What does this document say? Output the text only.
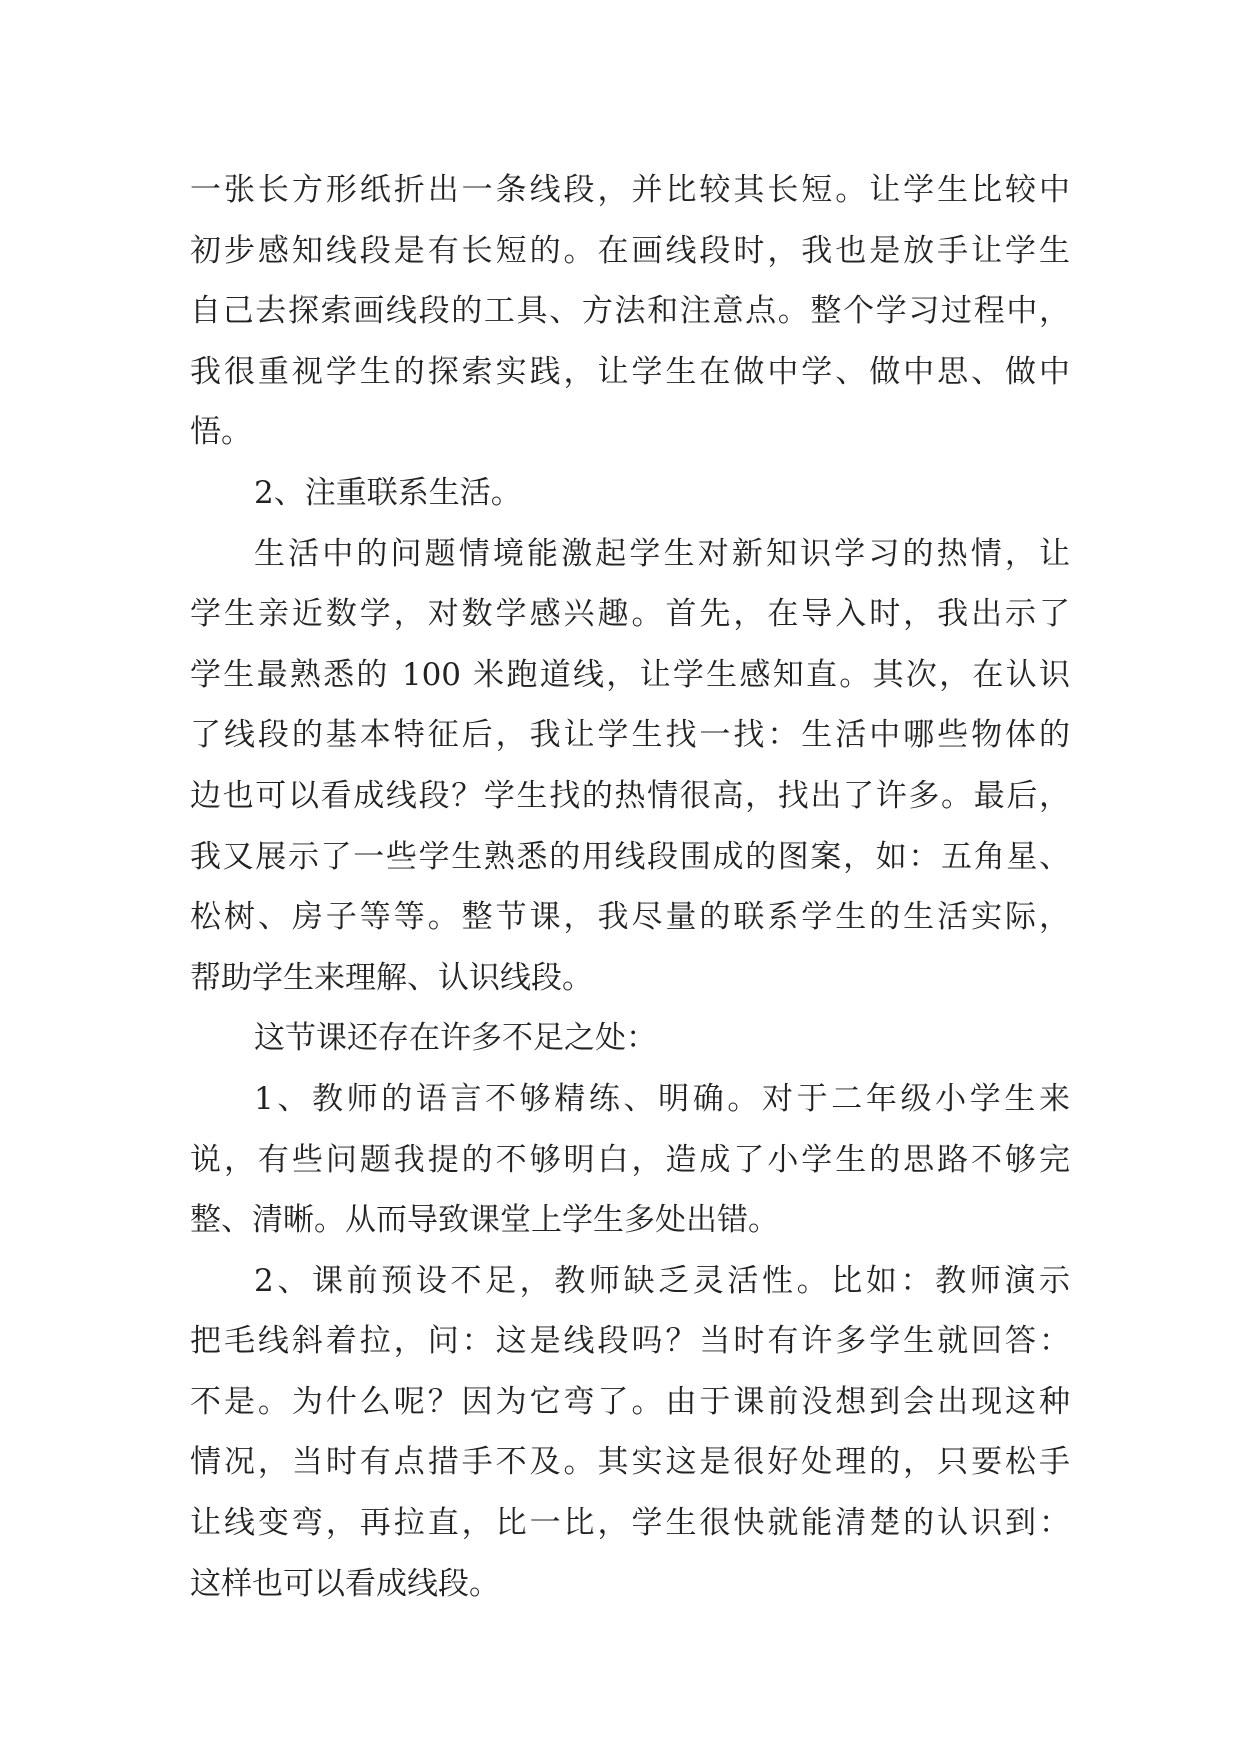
一张长方形纸折出一条线段，并比较其长短。让学生比较中
初步感知线段是有长短的。在画线段时，我也是放手让学生
自己去探索画线段的工具、方法和注意点。整个学习过程中，
我很重视学生的探索实践，让学生在做中学、做中思、做中
悟。
2、注重联系生活。
生活中的问题情境能激起学生对新知识学习的热情，让
学生亲近数学，对数学感兴趣。首先，在导入时，我出示了
学生最熟悉的 100 米跑道线，让学生感知直。其次，在认识
了线段的基本特征后，我让学生找一找：生活中哪些物体的
边也可以看成线段？学生找的热情很高，找出了许多。最后，
我又展示了一些学生熟悉的用线段围成的图案，如：五角星、
松树、房子等等。整节课，我尽量的联系学生的生活实际，
帮助学生来理解、认识线段。
这节课还存在许多不足之处：
1、教师的语言不够精练、明确。对于二年级小学生来
说，有些问题我提的不够明白，造成了小学生的思路不够完
整、清晰。从而导致课堂上学生多处出错。
2、课前预设不足，教师缺乏灵活性。比如：教师演示
把毛线斜着拉，问：这是线段吗？当时有许多学生就回答：
不是。为什么呢？因为它弯了。由于课前没想到会出现这种
情况，当时有点措手不及。其实这是很好处理的，只要松手
让线变弯，再拉直，比一比，学生很快就能清楚的认识到：
这样也可以看成线段。
